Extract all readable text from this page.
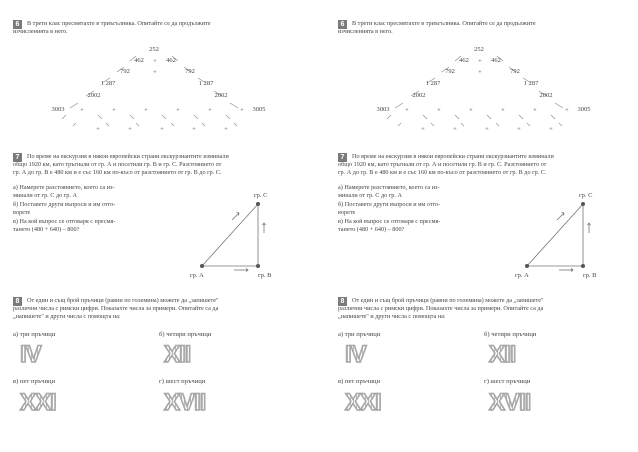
6	В трети клас пресмятахте в триъгълника. Опитайте се да продължите
изчисленията в него.
252
462 + 462
792	+	792
1 287	1 287
2002	2002
3003	3005
+	+	+	+	+	+
+	+	+	+	+
7	По време на екскурзия в някои европейски страни екскурзиантите изминали
общо 1920 км, като тръгнали от гр. А и посетили гр. В и гр. С. Разстоянието от
гр. А до гр. В е 480 км и е със 160 км по-късо от разстоянието от гр. В до гр. С.
а) Намерете разстоянието, което са из-
минали от гр. С до гр. А
б) Поставете други въпроси и им отго-
ворете
в) На кой въпрос се отговаря с пресмя-
тането (480 + 640) – 800?
гр. А	гр. В
гр. С
8	От един и същ брой пръчици (равни по големина) можете да „запишете"
различни числа с римски цифри. Показахте числа за примери. Опитайте са да
„напишете" и други числа с помощта на:
а) три пръчици	б) четири пръчици
IV	XII
в) пет пръчици	г) шест пръчици
XXI	XVII
6	В трети клас пресмятахте в триъгълника. Опитайте се да продължите
изчисленията в него.
252
462 + 462
792	+	792
1 287	1 287
2002	2002
3003	3005
+	+	+	+	+	+
+	+	+	+	+
7	По време на екскурзия в някои европейски страни екскурзиантите изминали
общо 1920 км, като тръгнали от гр. А и посетили гр. В и гр. С. Разстоянието от
гр. А до гр. В е 480 км и е със 160 км по-късо от разстоянието от гр. В до гр. С.
а) Намерете разстоянието, което са из-
минали от гр. С до гр. А
б) Поставете други въпроси и им отго-
ворете
в) На кой въпрос се отговаря с пресмя-
тането (480 + 640) – 800?
гр. А	гр. В
гр. С
8	От един и същ брой пръчици (равни по големина) можете да „запишете"
различни числа с римски цифри. Показахте числа за примери. Опитайте са да
„напишете" и други числа с помощта на:
а) три пръчици	б) четири пръчици
IV	XII
в) пет пръчици	г) шест пръчици
XXI	XVII
